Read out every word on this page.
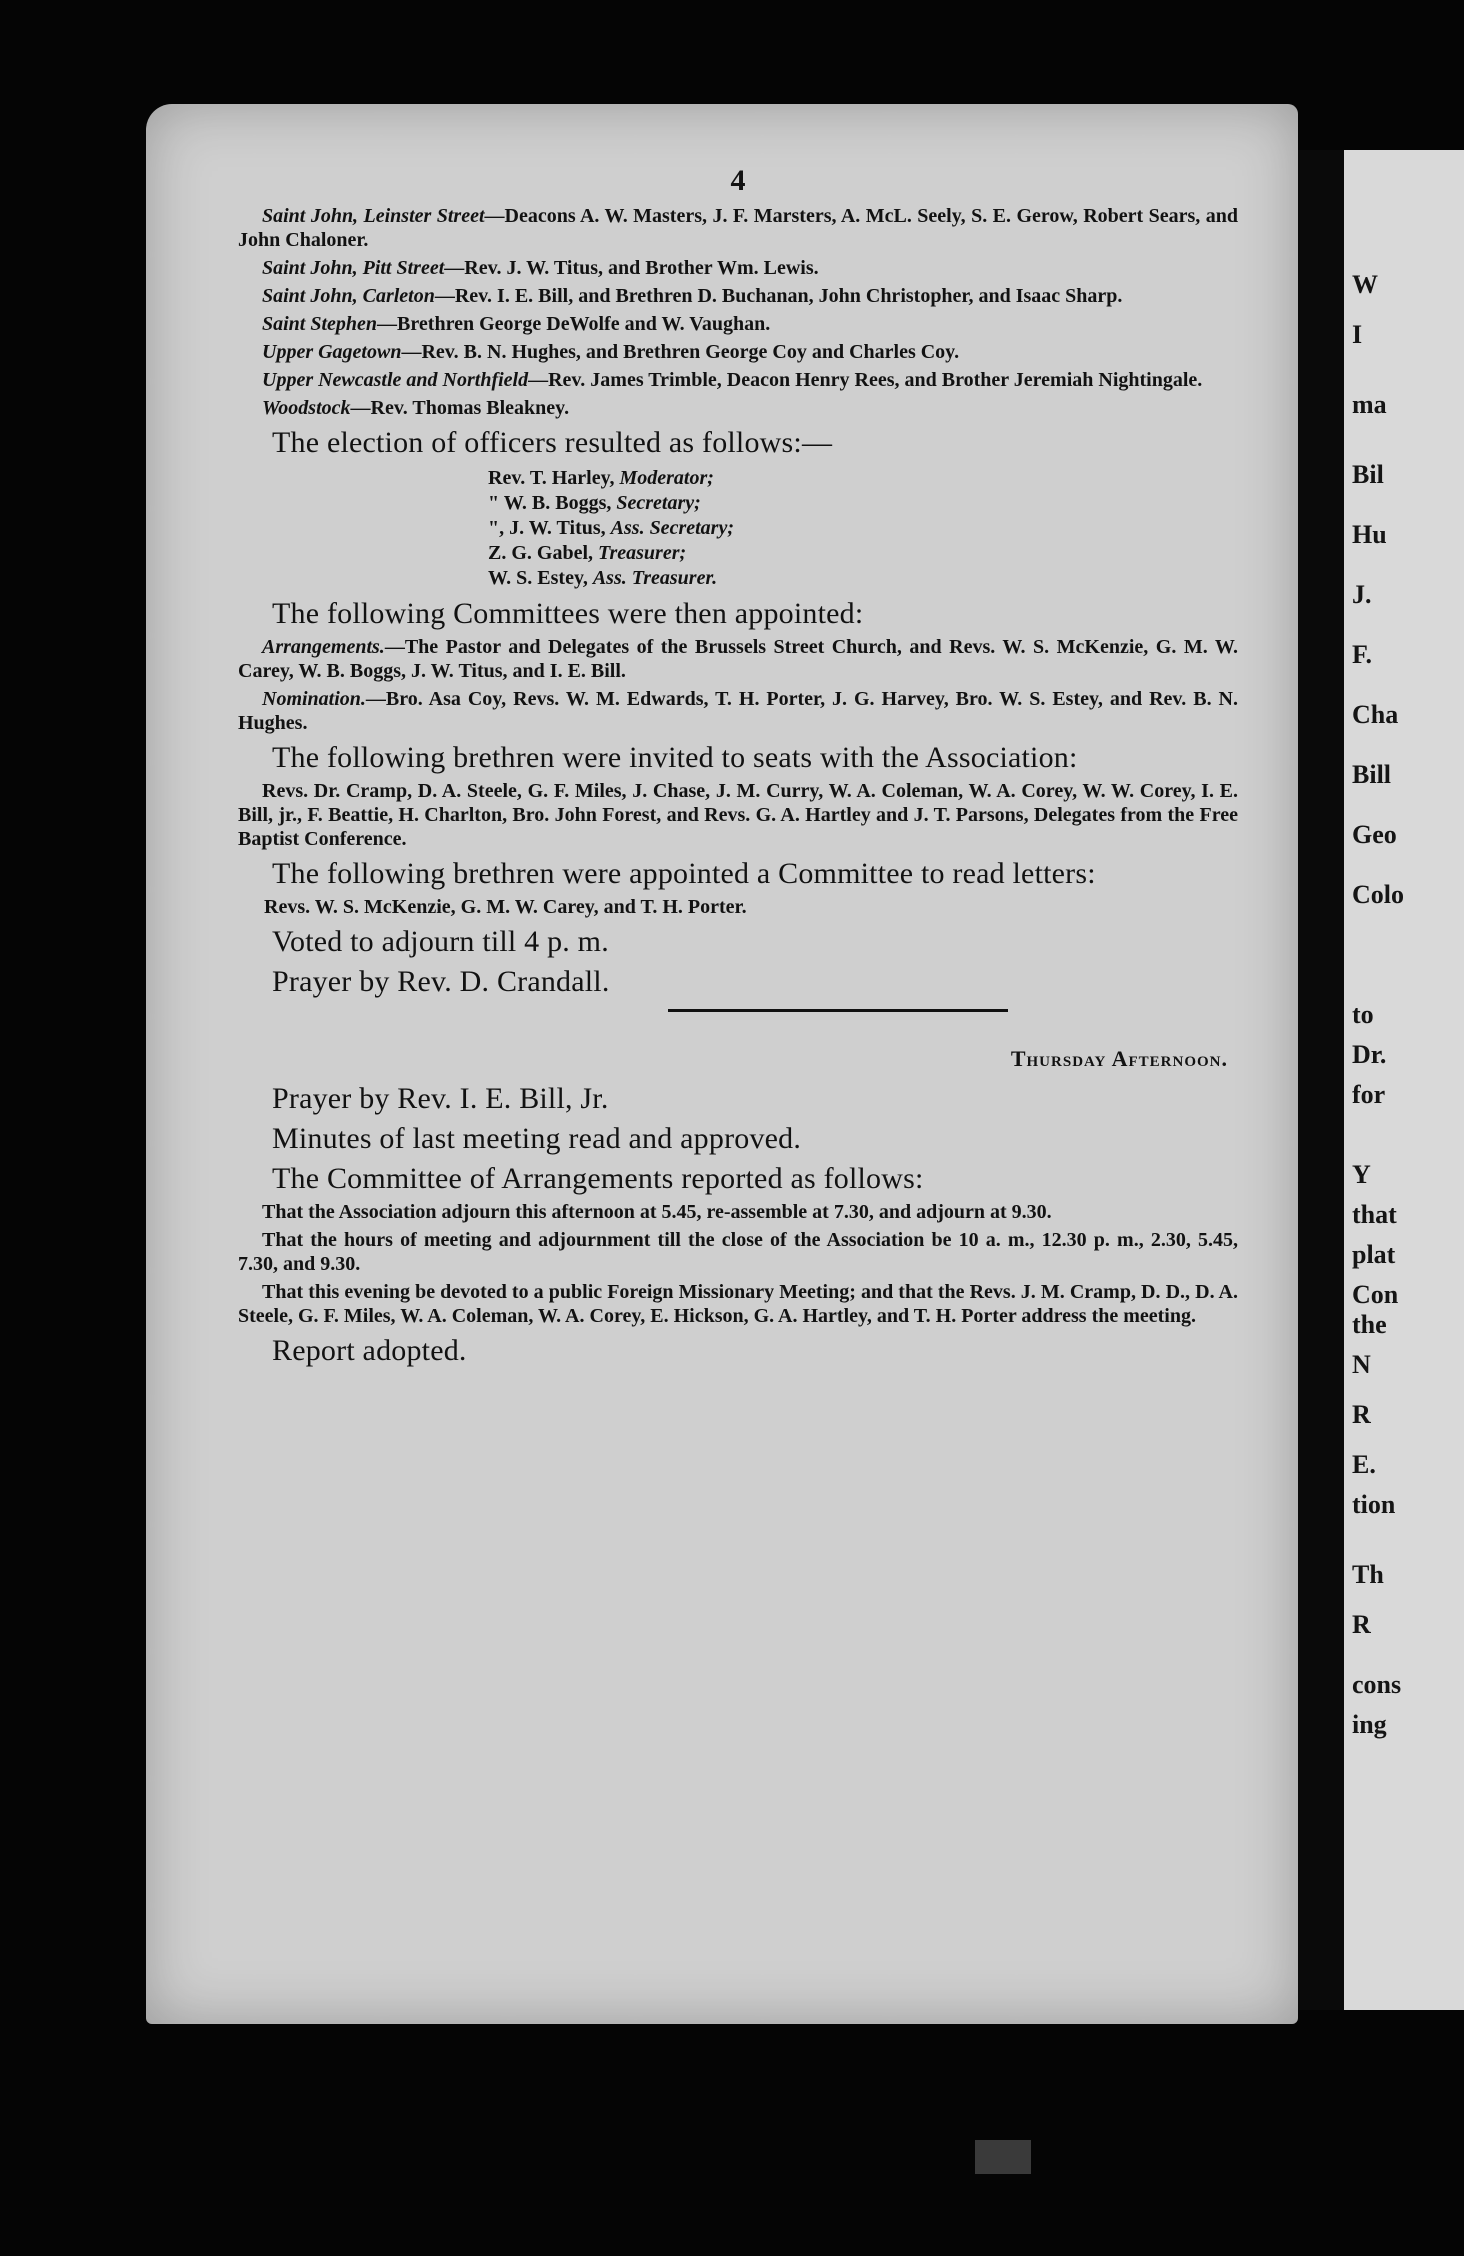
4

Saint John, Leinster Street—Deacons A. W. Masters, J. F. Marsters, A. McL. Seely, S. E. Gerow, Robert Sears, and John Chaloner.

Saint John, Pitt Street—Rev. J. W. Titus, and Brother Wm. Lewis.

Saint John, Carleton—Rev. I. E. Bill, and Brethren D. Buchanan, John Christopher, and Isaac Sharp.

Saint Stephen—Brethren George DeWolfe and W. Vaughan.

Upper Gagetown—Rev. B. N. Hughes, and Brethren George Coy and Charles Coy.

Upper Newcastle and Northfield—Rev. James Trimble, Deacon Henry Rees, and Brother Jeremiah Nightingale.

Woodstock—Rev. Thomas Bleakney.

The election of officers resulted as follows:—
Rev. T. Harley, Moderator;
" W. B. Boggs, Secretary;
", J. W. Titus, Ass. Secretary;
Z. G. Gabel, Treasurer;
W. S. Estey, Ass. Treasurer.
The following Committees were then appointed:

Arrangements.—The Pastor and Delegates of the Brussels Street Church, and Revs. W. S. McKenzie, G. M. W. Carey, W. B. Boggs, J. W. Titus, and I. E. Bill.

Nomination.—Bro. Asa Coy, Revs. W. M. Edwards, T. H. Porter, J. G. Harvey, Bro. W. S. Estey, and Rev. B. N. Hughes.

The following brethren were invited to seats with the Association:

Revs. Dr. Cramp, D. A. Steele, G. F. Miles, J. Chase, J. M. Curry, W. A. Coleman, W. A. Corey, W. W. Corey, I. E. Bill, jr., F. Beattie, H. Charlton, Bro. John Forest, and Revs. G. A. Hartley and J. T. Parsons, Delegates from the Free Baptist Conference.

The following brethren were appointed a Committee to read letters:
Revs. W. S. McKenzie, G. M. W. Carey, and T. H. Porter.
Voted to adjourn till 4 p. m.
Prayer by Rev. D. Crandall.
Thursday Afternoon.
Prayer by Rev. I. E. Bill, Jr.
Minutes of last meeting read and approved.
The Committee of Arrangements reported as follows:

That the Association adjourn this afternoon at 5.45, re-assemble at 7.30, and adjourn at 9.30.

That the hours of meeting and adjournment till the close of the Association be 10 a. m., 12.30 p. m., 2.30, 5.45, 7.30, and 9.30.

That this evening be devoted to a public Foreign Missionary Meeting; and that the Revs. J. M. Cramp, D. D., D. A. Steele, G. F. Miles, W. A. Coleman, W. A. Corey, E. Hickson, G. A. Hartley, and T. H. Porter address the meeting.

Report adopted.
W
I
ma
Bil
Hu
J.
F.
Cha
Bill
Geo
Colo
to
Dr.
for
Y
that
plat
Con
the
N
R
E.
tion
Th
R
cons
ing
